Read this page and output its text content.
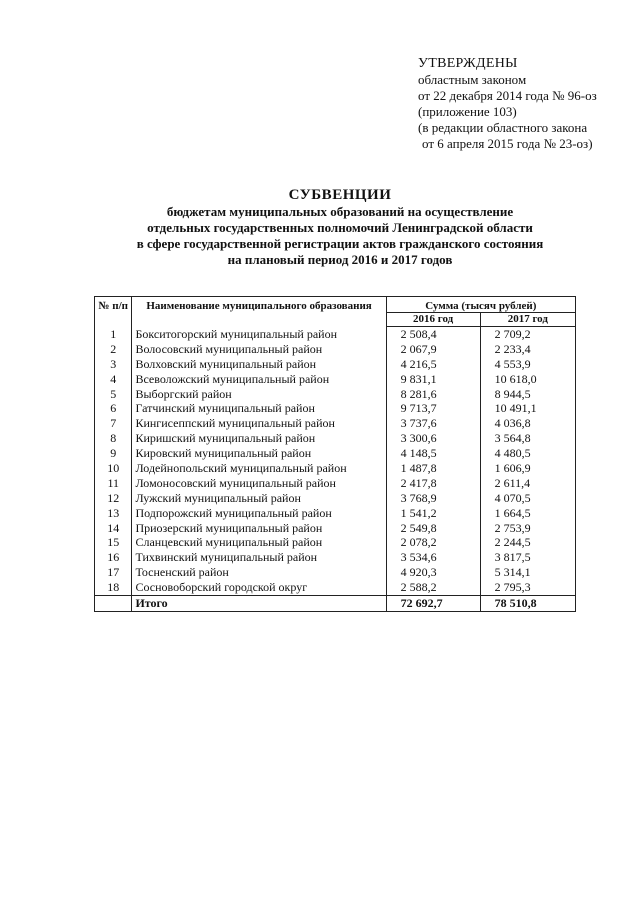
УТВЕРЖДЕНЫ
областным законом
от 22 декабря 2014 года № 96-оз
(приложение 103)
(в редакции областного закона
от 6 апреля 2015 года № 23-оз)
СУБВЕНЦИИ
бюджетам муниципальных образований на осуществление
отдельных государственных полномочий Ленинградской области
в сфере государственной регистрации актов гражданского состояния
на плановый период 2016 и 2017 годов
№ п/п	Наименование муниципального образования	Сумма (тысяч рублей)	
		2016 год	2017 год
1	Бокситогорский муниципальный район	2 508,4	2 709,2
2	Волосовский муниципальный район	2 067,9	2 233,4
3	Волховский муниципальный район	4 216,5	4 553,9
4	Всеволожский муниципальный район	9 831,1	10 618,0
5	Выборгский район	8 281,6	8 944,5
6	Гатчинский муниципальный район	9 713,7	10 491,1
7	Кингисеппский муниципальный район	3 737,6	4 036,8
8	Киришский муниципальный район	3 300,6	3 564,8
9	Кировский муниципальный район	4 148,5	4 480,5
10	Лодейнопольский муниципальный район	1 487,8	1 606,9
11	Ломоносовский муниципальный район	2 417,8	2 611,4
12	Лужский муниципальный район	3 768,9	4 070,5
13	Подпорожский муниципальный район	1 541,2	1 664,5
14	Приозерский муниципальный район	2 549,8	2 753,9
15	Сланцевский муниципальный район	2 078,2	2 244,5
16	Тихвинский муниципальный район	3 534,6	3 817,5
17	Тосненский район	4 920,3	5 314,1
18	Сосновоборский городской округ	2 588,2	2 795,3
	Итого	72 692,7	78 510,8
